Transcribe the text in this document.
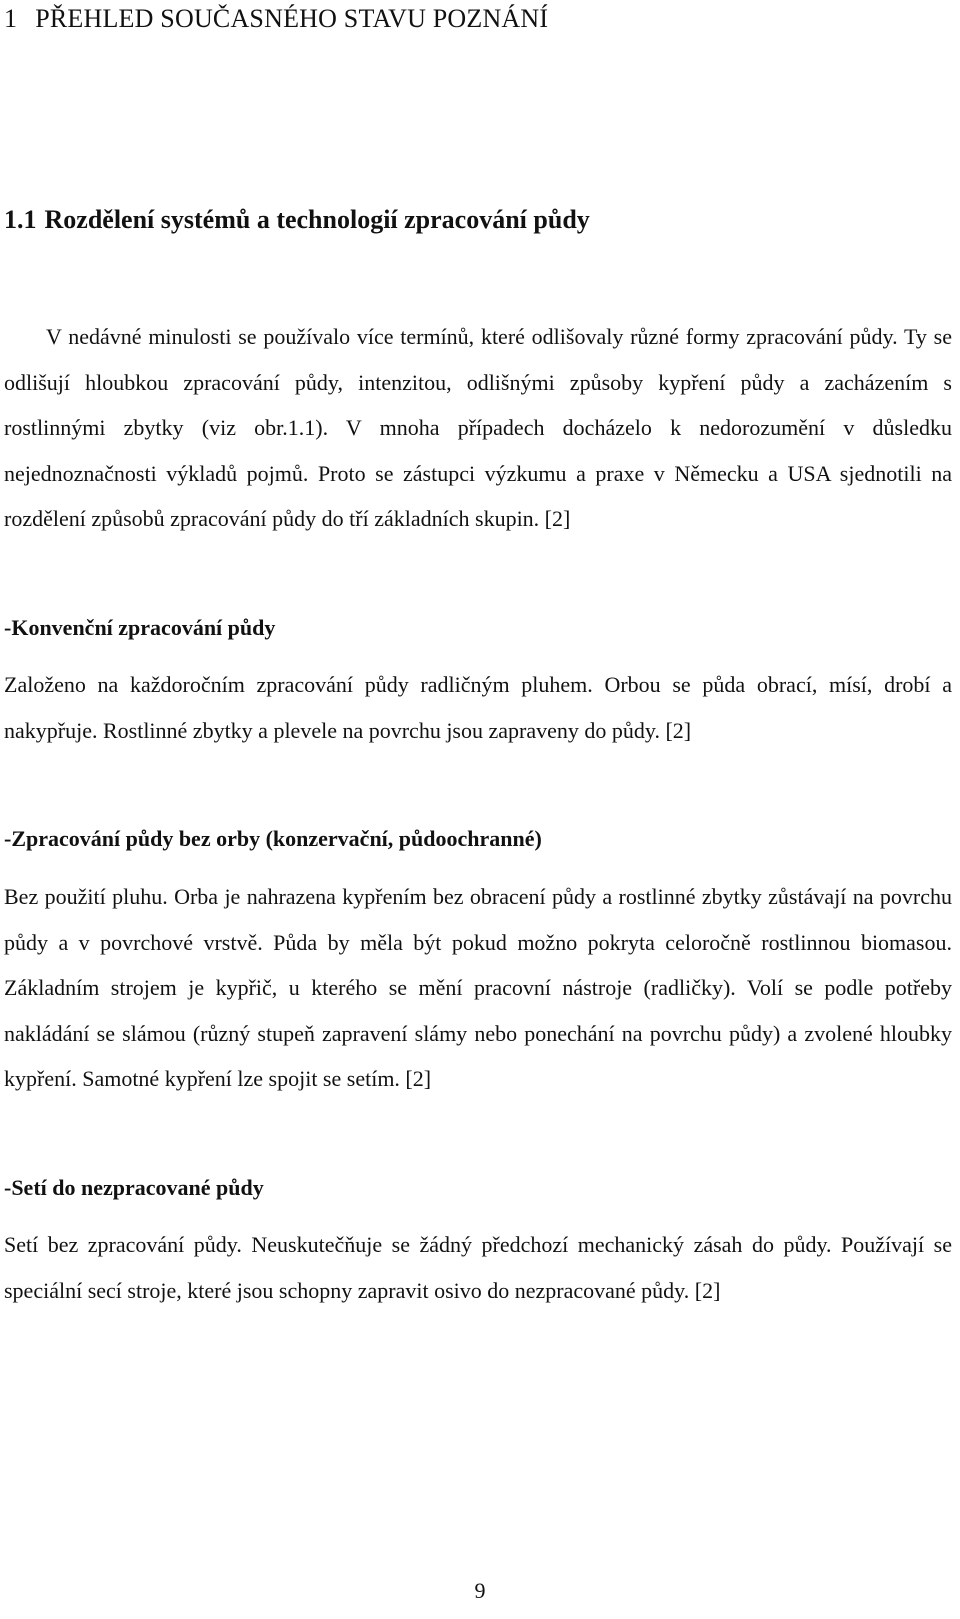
1 PŘEHLED SOUČASNÉHO STAVU POZNÁNÍ
1.1 Rozdělení systémů a technologií zpracování půdy

V nedávné minulosti se používalo více termínů, které odlišovaly různé formy zpracování půdy. Ty se odlišují hloubkou zpracování půdy, intenzitou, odlišnými způsoby kypření půdy a zacházením s rostlinnými zbytky (viz obr.1.1). V mnoha případech docházelo k nedorozumění v důsledku nejednoznačnosti výkladů pojmů. Proto se zástupci výzkumu a praxe v Německu a USA sjednotili na rozdělení způsobů zpracování půdy do tří základních skupin. [2]

-Konvenční zpracování půdy

Založeno na každoročním zpracování půdy radličným pluhem. Orbou se půda obrací, mísí, drobí a nakypřuje. Rostlinné zbytky a plevele na povrchu jsou zapraveny do půdy. [2]

-Zpracování půdy bez orby (konzervační, půdoochranné)

Bez použití pluhu. Orba je nahrazena kypřením bez obracení půdy a rostlinné zbytky zůstávají na povrchu půdy a v povrchové vrstvě. Půda by měla být pokud možno pokryta celoročně rostlinnou biomasou. Základním strojem je kypřič, u kterého se mění pracovní nástroje (radličky). Volí se podle potřeby nakládání se slámou (různý stupeň zapravení slámy nebo ponechání na povrchu půdy) a zvolené hloubky kypření. Samotné kypření lze spojit se setím. [2]

-Setí do nezpracované půdy

Setí bez zpracování půdy. Neuskutečňuje se žádný předchozí mechanický zásah do půdy. Používají se speciální secí stroje, které jsou schopny zapravit osivo do nezpracované půdy. [2]

9
